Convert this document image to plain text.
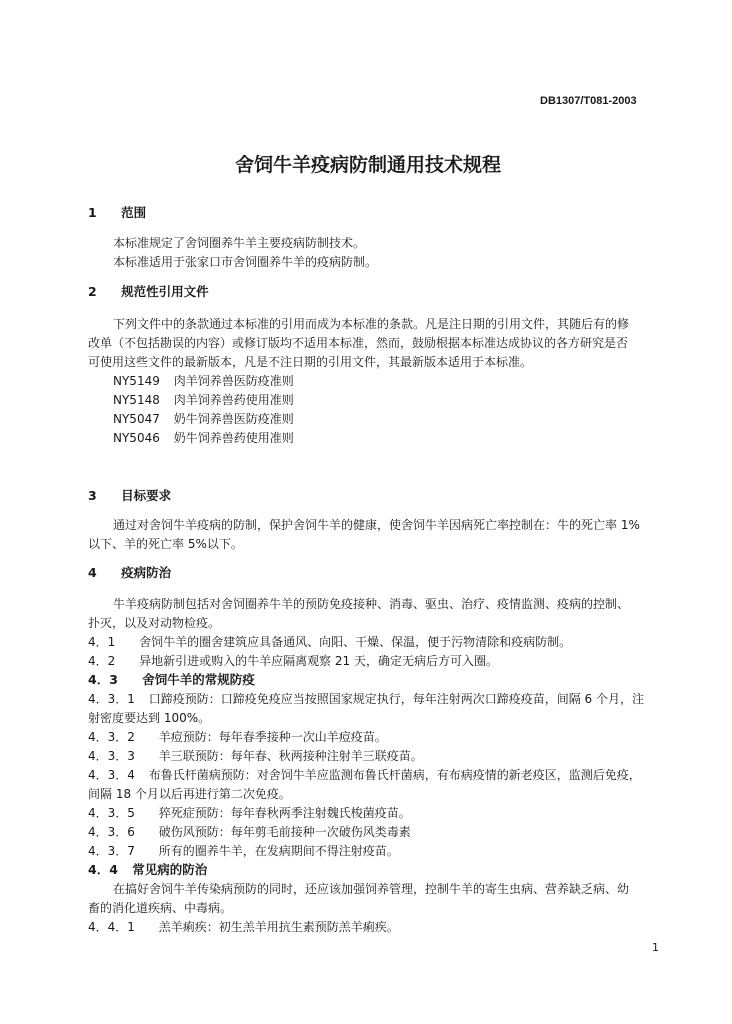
DB1307/T081-2003
舍饲牛羊疫病防制通用技术规程
1 范围
本标准规定了舍饲圈养牛羊主要疫病防制技术。
本标准适用于张家口市舍饲圈养牛羊的疫病防制。
2 规范性引用文件
下列文件中的条款通过本标准的引用而成为本标准的条款。凡是注日期的引用文件，其随后有的修
改单（不包括勘误的内容）或修订版均不适用本标准，然而，鼓励根据本标准达成协议的各方研究是否
可使用这些文件的最新版本，凡是不注日期的引用文件，其最新版本适用于本标准。
NY5149 肉羊饲养兽医防疫准则
NY5148 肉羊饲养兽药使用准则
NY5047 奶牛饲养兽医防疫准则
NY5046 奶牛饲养兽药使用准则
3 目标要求
通过对舍饲牛羊疫病的防制，保护舍饲牛羊的健康，使舍饲牛羊因病死亡率控制在：牛的死亡率 1%
以下、羊的死亡率 5%以下。
4 疫病防治
牛羊疫病防制包括对舍饲圈养牛羊的预防免疫接种、消毒、驱虫、治疗、疫情监测、疫病的控制、
扑灭，以及对动物检疫。
4．1 舍饲牛羊的圈舍建筑应具备通风、向阳、干燥、保温，便于污物清除和疫病防制。
4．2 异地新引进或购入的牛羊应隔离观察 21 天，确定无病后方可入圈。
4．3 舍饲牛羊的常规防疫
4．3．1 口蹄疫预防：口蹄疫免疫应当按照国家规定执行，每年注射两次口蹄疫疫苗，间隔 6 个月，注
射密度要达到 100%。
4．3．2 羊痘预防：每年春季接种一次山羊痘疫苗。
4．3．3 羊三联预防：每年春、秋两接种注射羊三联疫苗。
4．3．4 布鲁氏杆菌病预防：对舍饲牛羊应监测布鲁氏杆菌病，有布病疫情的新老疫区，监测后免疫，
间隔 18 个月以后再进行第二次免疫。
4．3．5 猝死症预防：每年春秋两季注射魏氏梭菌疫苗。
4．3．6 破伤风预防：每年剪毛前接种一次破伤风类毒素
4．3．7 所有的圈养牛羊，在发病期间不得注射疫苗。
4．4 常见病的防治
在搞好舍饲牛羊传染病预防的同时，还应该加强饲养管理，控制牛羊的寄生虫病、营养缺乏病、幼
畜的消化道疾病、中毒病。
4．4．1 羔羊痢疾：初生羔羊用抗生素预防羔羊痢疾。
1
